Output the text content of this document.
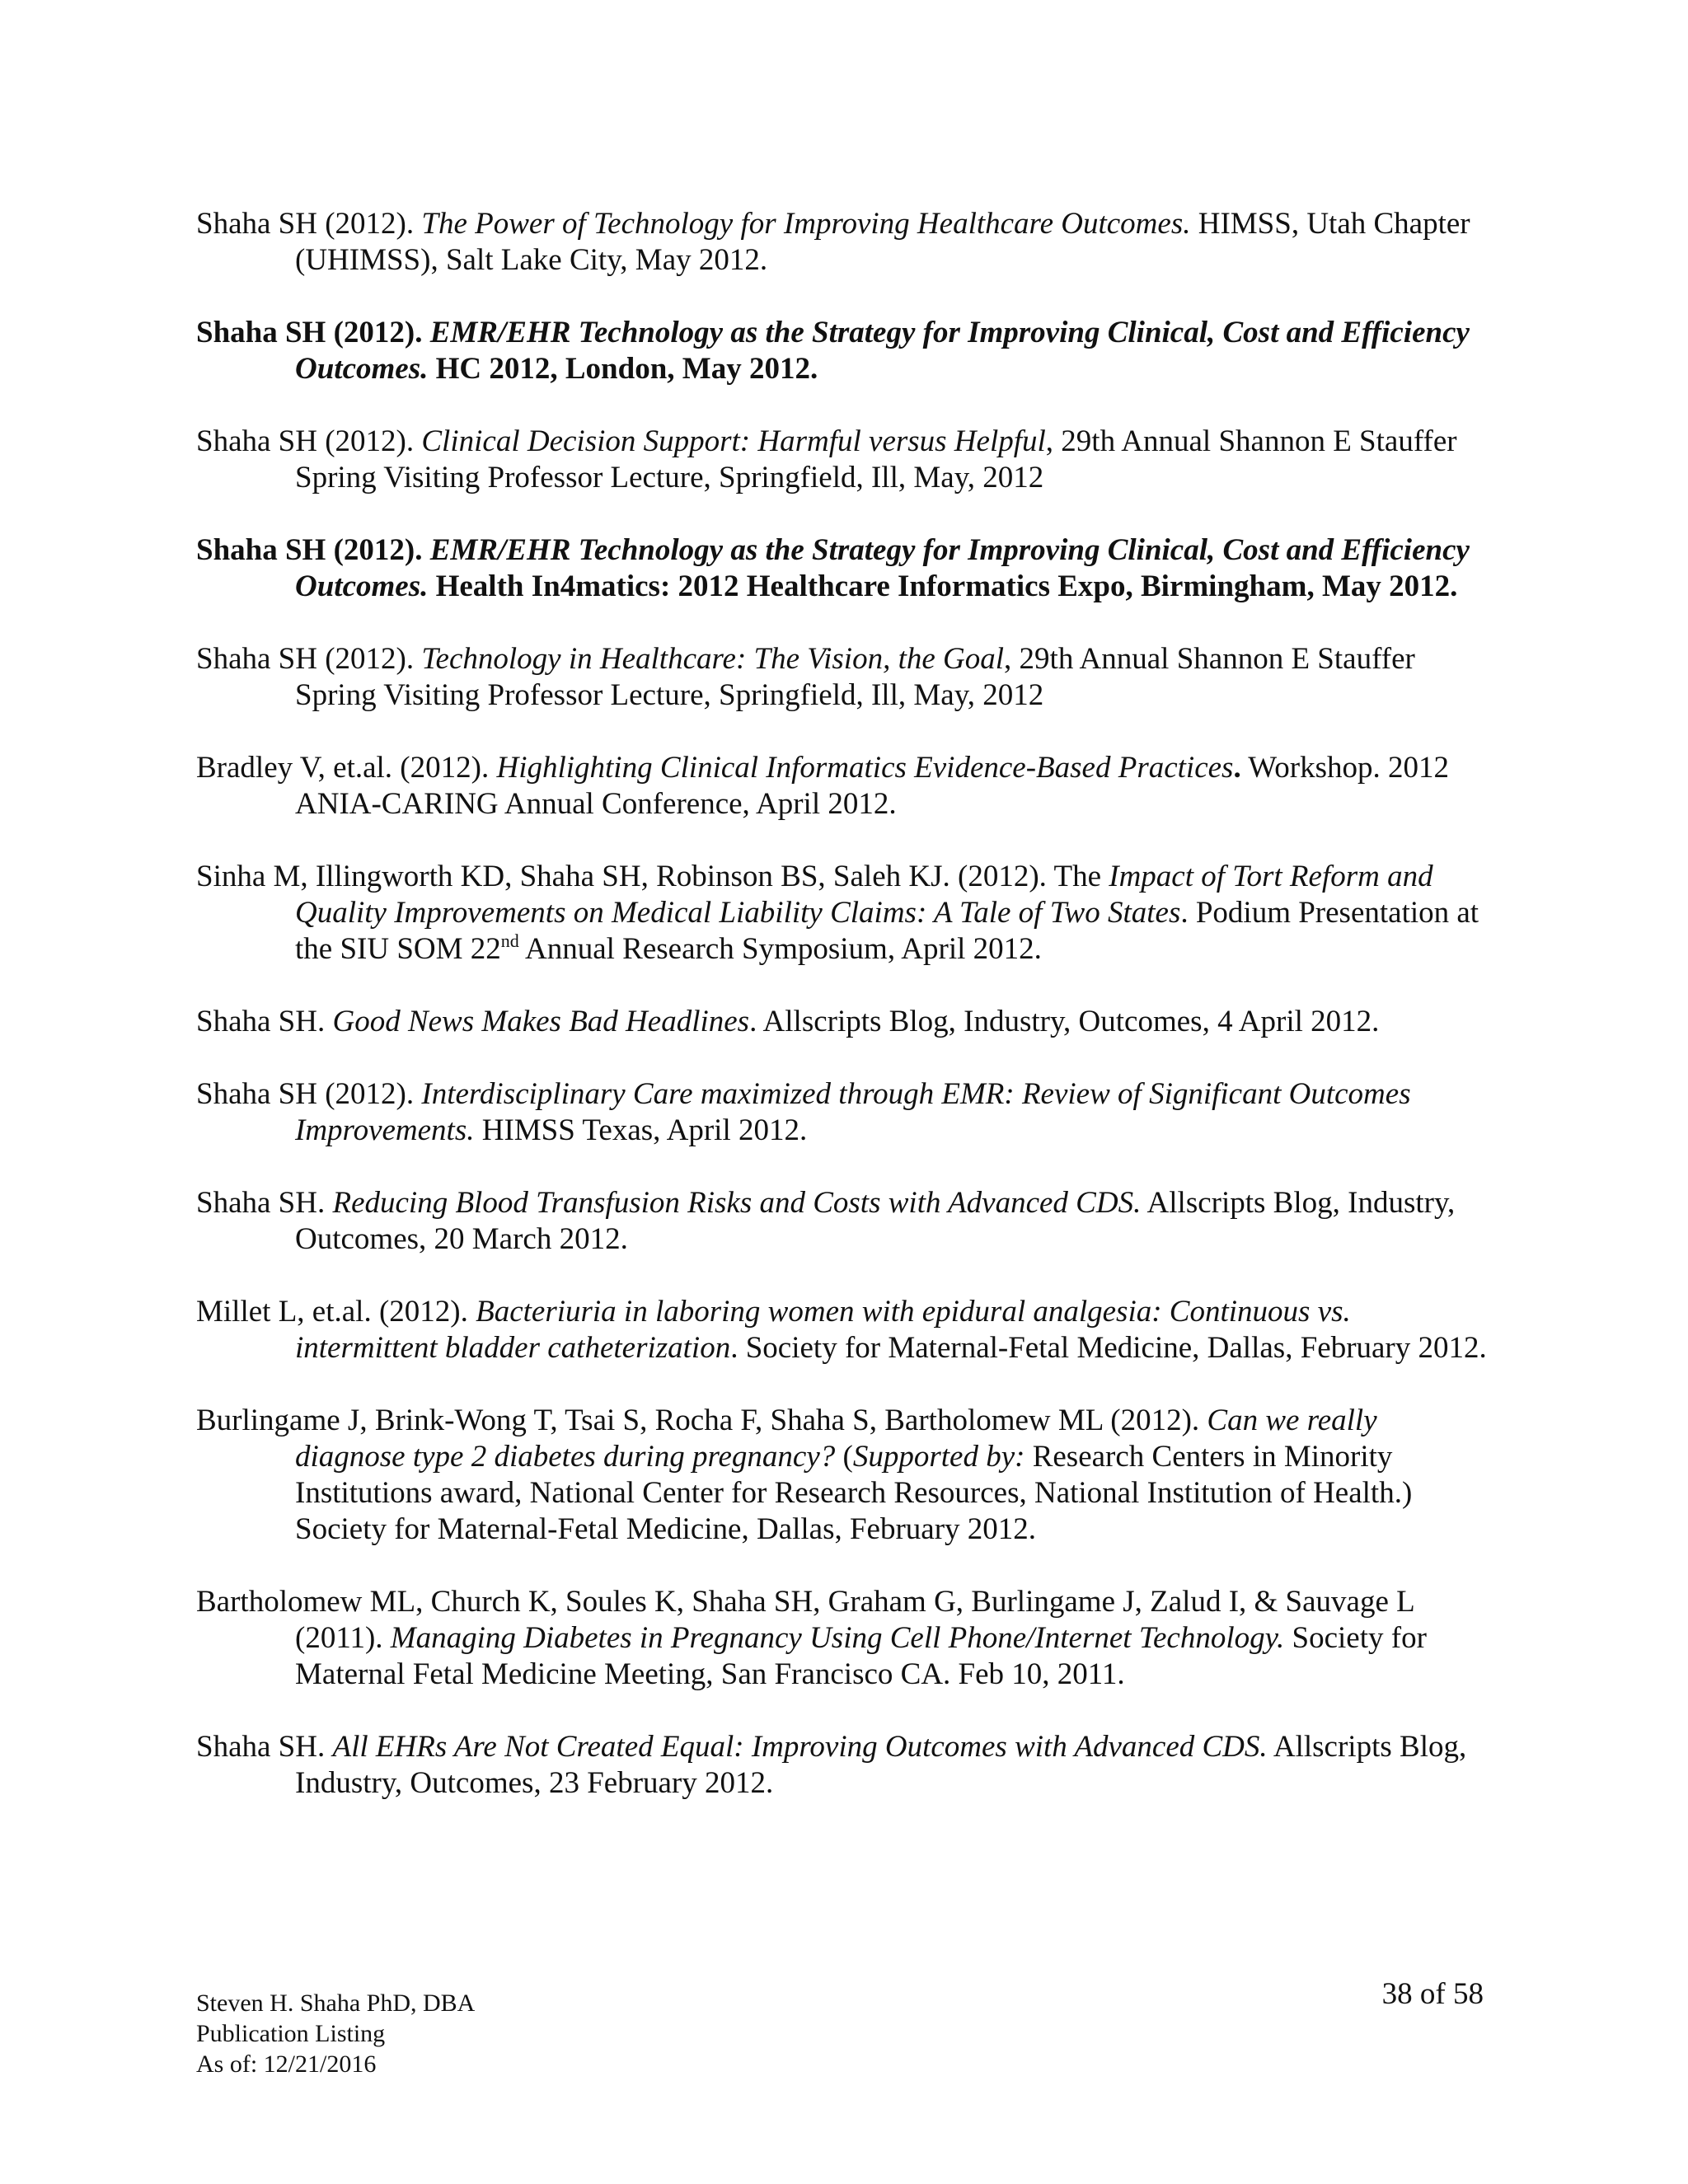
Shaha SH (2012). The Power of Technology for Improving Healthcare Outcomes. HIMSS, Utah Chapter (UHIMSS), Salt Lake City, May 2012.

Shaha SH (2012). EMR/EHR Technology as the Strategy for Improving Clinical, Cost and Efficiency Outcomes. HC 2012, London, May 2012.

Shaha SH (2012). Clinical Decision Support: Harmful versus Helpful, 29th Annual Shannon E Stauffer Spring Visiting Professor Lecture, Springfield, Ill, May, 2012

Shaha SH (2012). EMR/EHR Technology as the Strategy for Improving Clinical, Cost and Efficiency Outcomes. Health In4matics: 2012 Healthcare Informatics Expo, Birmingham, May 2012.

Shaha SH (2012). Technology in Healthcare: The Vision, the Goal, 29th Annual Shannon E Stauffer Spring Visiting Professor Lecture, Springfield, Ill, May, 2012

Bradley V, et.al. (2012). Highlighting Clinical Informatics Evidence-Based Practices. Workshop. 2012 ANIA-CARING Annual Conference, April 2012.

Sinha M, Illingworth KD, Shaha SH, Robinson BS, Saleh KJ. (2012). The Impact of Tort Reform and Quality Improvements on Medical Liability Claims: A Tale of Two States. Podium Presentation at the SIU SOM 22nd Annual Research Symposium, April 2012.

Shaha SH. Good News Makes Bad Headlines. Allscripts Blog, Industry, Outcomes, 4 April 2012.

Shaha SH (2012). Interdisciplinary Care maximized through EMR: Review of Significant Outcomes Improvements. HIMSS Texas, April 2012.

Shaha SH. Reducing Blood Transfusion Risks and Costs with Advanced CDS. Allscripts Blog, Industry, Outcomes, 20 March 2012.

Millet L, et.al. (2012). Bacteriuria in laboring women with epidural analgesia: Continuous vs. intermittent bladder catheterization. Society for Maternal-Fetal Medicine, Dallas, February 2012.

Burlingame J, Brink-Wong T, Tsai S, Rocha F, Shaha S, Bartholomew ML (2012). Can we really diagnose type 2 diabetes during pregnancy? (Supported by: Research Centers in Minority Institutions award, National Center for Research Resources, National Institution of Health.) Society for Maternal-Fetal Medicine, Dallas, February 2012.

Bartholomew ML, Church K, Soules K, Shaha SH, Graham G, Burlingame J, Zalud I, & Sauvage L (2011). Managing Diabetes in Pregnancy Using Cell Phone/Internet Technology. Society for Maternal Fetal Medicine Meeting, San Francisco CA. Feb 10, 2011.

Shaha SH. All EHRs Are Not Created Equal: Improving Outcomes with Advanced CDS. Allscripts Blog, Industry, Outcomes, 23 February 2012.

38 of 58
Steven H. Shaha PhD, DBA
Publication Listing
As of: 12/21/2016
